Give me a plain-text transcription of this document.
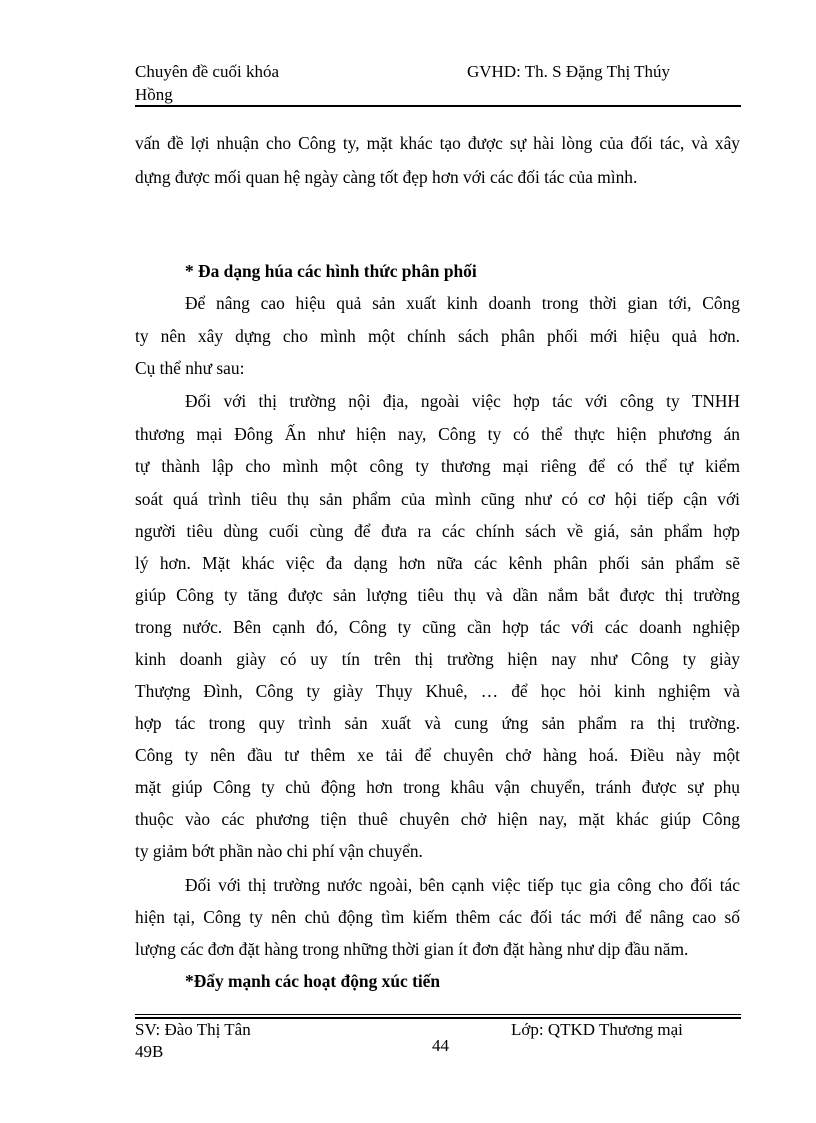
Chuyên đề cuối khóa
Hồng
GVHD: Th. S Đặng Thị Thúy
vấn đề lợi nhuận cho Công ty, mặt khác tạo được sự hài lòng của đối tác, và xây
dựng được mối quan hệ ngày càng tốt đẹp hơn với các đối tác của mình.
* Đa dạng húa các hình thức phân phối
Để nâng cao hiệu quả sản xuất kinh doanh trong thời gian tới, Công
ty nên xây dựng cho mình một chính sách phân phối mới hiệu quả hơn.
Cụ thể như sau:
Đối với thị trường nội địa, ngoài việc hợp tác với công ty TNHH
thương mại Đông Ấn như hiện nay, Công ty có thể thực hiện phương án
tự thành lập cho mình một công ty thương mại riêng để có thể tự kiểm
soát quá trình tiêu thụ sản phẩm của mình cũng như có cơ hội tiếp cận với
người tiêu dùng cuối cùng để đưa ra các chính sách về giá, sản phẩm hợp
lý hơn. Mặt khác việc đa dạng hơn nữa các kênh phân phối sản phẩm sẽ
giúp Công ty tăng được sản lượng tiêu thụ và dần nắm bắt được thị trường
trong nước. Bên cạnh đó, Công ty cũng cần hợp tác với các doanh nghiệp
kinh doanh giày có uy tín trên thị trường hiện nay như Công ty giày
Thượng Đình, Công ty giày Thụy Khuê, … để học hỏi kinh nghiệm và
hợp tác trong quy trình sản xuất và cung ứng sản phẩm ra thị trường.
Công ty nên đầu tư thêm xe tải để chuyên chở hàng hoá. Điều này một
mặt giúp Công ty chủ động hơn trong khâu vận chuyển, tránh được sự phụ
thuộc vào các phương tiện thuê chuyên chở hiện nay, mặt khác giúp Công
ty giảm bớt phần nào chi phí vận chuyển.
Đối với thị trường nước ngoài, bên cạnh việc tiếp tục gia công cho đối tác
hiện tại, Công ty nên chủ động tìm kiếm thêm các đối tác mới để nâng cao số
lượng các đơn đặt hàng trong những thời gian ít đơn đặt hàng như dịp đầu năm.
*Đẩy mạnh các hoạt động xúc tiến
SV: Đào Thị Tân
49B	44
Lớp: QTKD Thương mại
